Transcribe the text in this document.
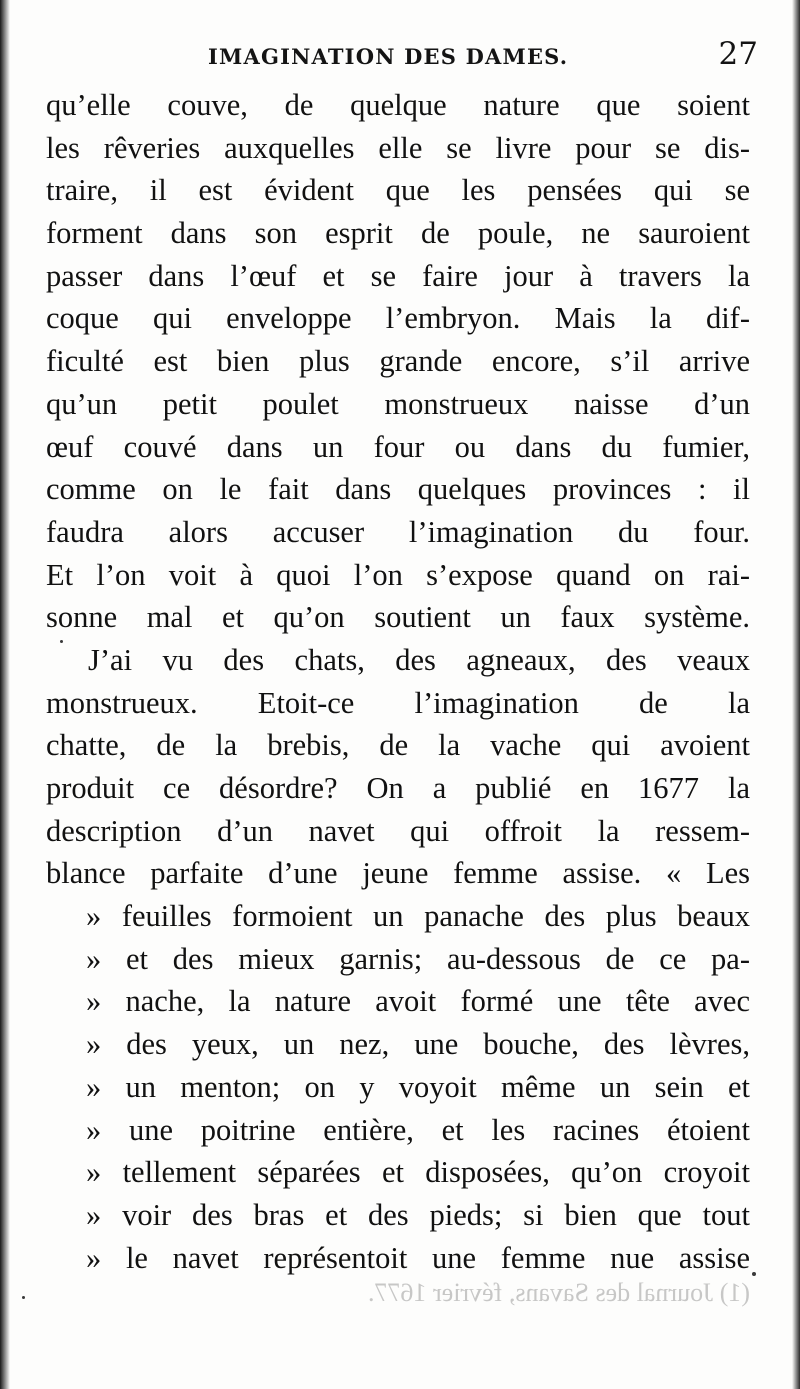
IMAGINATION DES DAMES.	27
qu’elle couve, de quelque nature que soient
les rêveries auxquelles elle se livre pour se dis-
traire, il est évident que les pensées qui se
forment dans son esprit de poule, ne sauroient
passer dans l’œuf et se faire jour à travers la
coque qui enveloppe l’embryon. Mais la dif-
ficulté est bien plus grande encore, s’il arrive
qu’un petit poulet monstrueux naisse d’un
œuf couvé dans un four ou dans du fumier,
comme on le fait dans quelques provinces : il
faudra alors accuser l’imagination du four.
Et l’on voit à quoi l’on s’expose quand on rai-
sonne mal et qu’on soutient un faux système.
J’ai vu des chats, des agneaux, des veaux
monstrueux. Etoit-ce l’imagination de la
chatte, de la brebis, de la vache qui avoient
produit ce désordre? On a publié en 1677 la
description d’un navet qui offroit la ressem-
blance parfaite d’une jeune femme assise. « Les
» feuilles formoient un panache des plus beaux
» et des mieux garnis; au-dessous de ce pa-
» nache, la nature avoit formé une tête avec
» des yeux, un nez, une bouche, des lèvres,
» un menton; on y voyoit même un sein et
» une poitrine entière, et les racines étoient
» tellement séparées et disposées, qu’on croyoit
» voir des bras et des pieds; si bien que tout
» le navet représentoit une femme nue assise
(1) Journal des Savans, février 1677.
